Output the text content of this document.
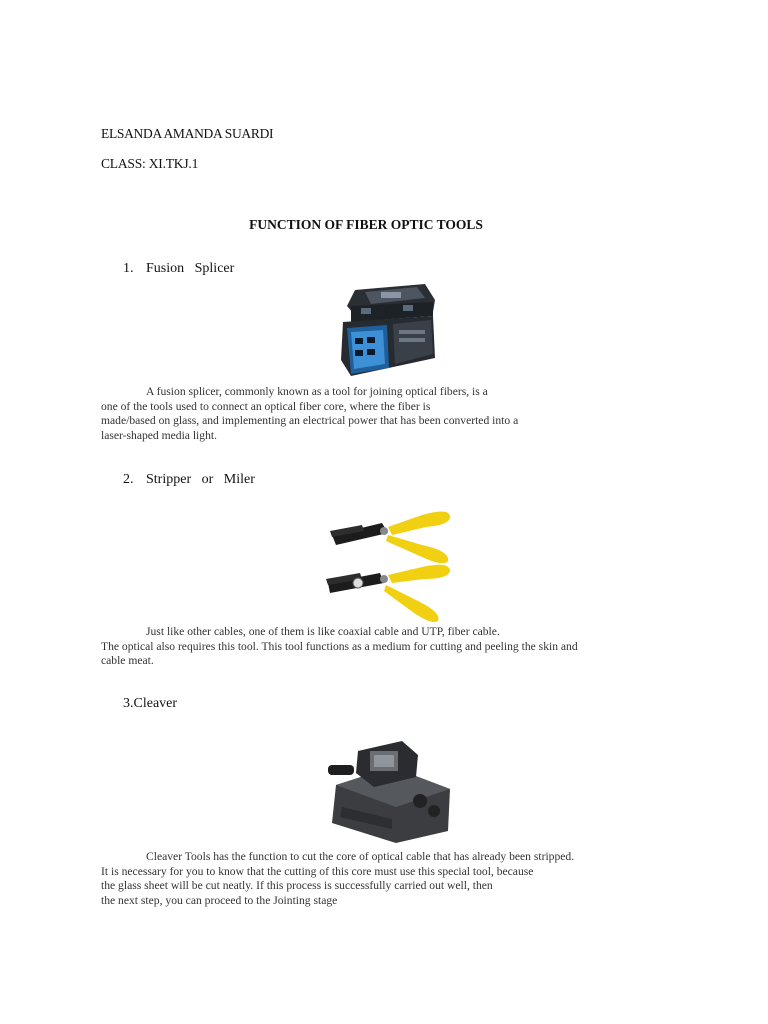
ELSANDA AMANDA SUARDI
CLASS: XI.TKJ.1
FUNCTION OF FIBER OPTIC TOOLS
1. Fusion   Splicer
A fusion splicer, commonly known as a tool for joining optical fibers, is a
one of the tools used to connect an optical fiber core, where the fiber is
made/based on glass, and implementing an electrical power that has been converted into a
laser-shaped media light.
2. Stripper   or   Miler
Just like other cables, one of them is like coaxial cable and UTP, fiber cable.
The optical also requires this tool. This tool functions as a medium for cutting and peeling the skin and
cable meat.
3.Cleaver
Cleaver Tools has the function to cut the core of optical cable that has already been stripped.
It is necessary for you to know that the cutting of this core must use this special tool, because
the glass sheet will be cut neatly. If this process is successfully carried out well, then
the next step, you can proceed to the Jointing stage
